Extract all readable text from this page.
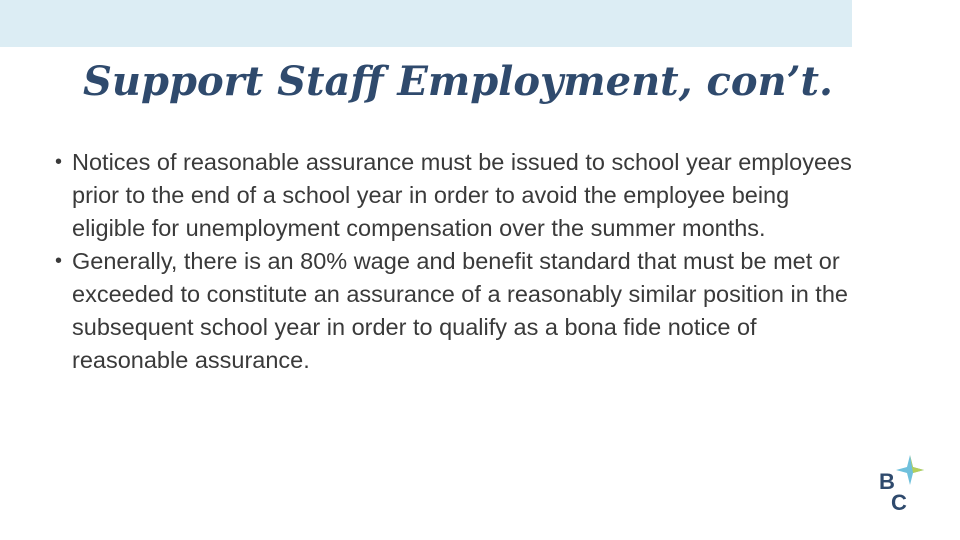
Support Staff Employment, con’t.
• Notices of reasonable assurance must be issued to school year employees prior to the end of a school year in order to avoid the employee being eligible for unemployment compensation over the summer months.
• Generally, there is an 80% wage and benefit standard that must be met or exceeded to constitute an assurance of a reasonably similar position in the subsequent school year in order to qualify as a bona fide notice of reasonable assurance.
B
C
